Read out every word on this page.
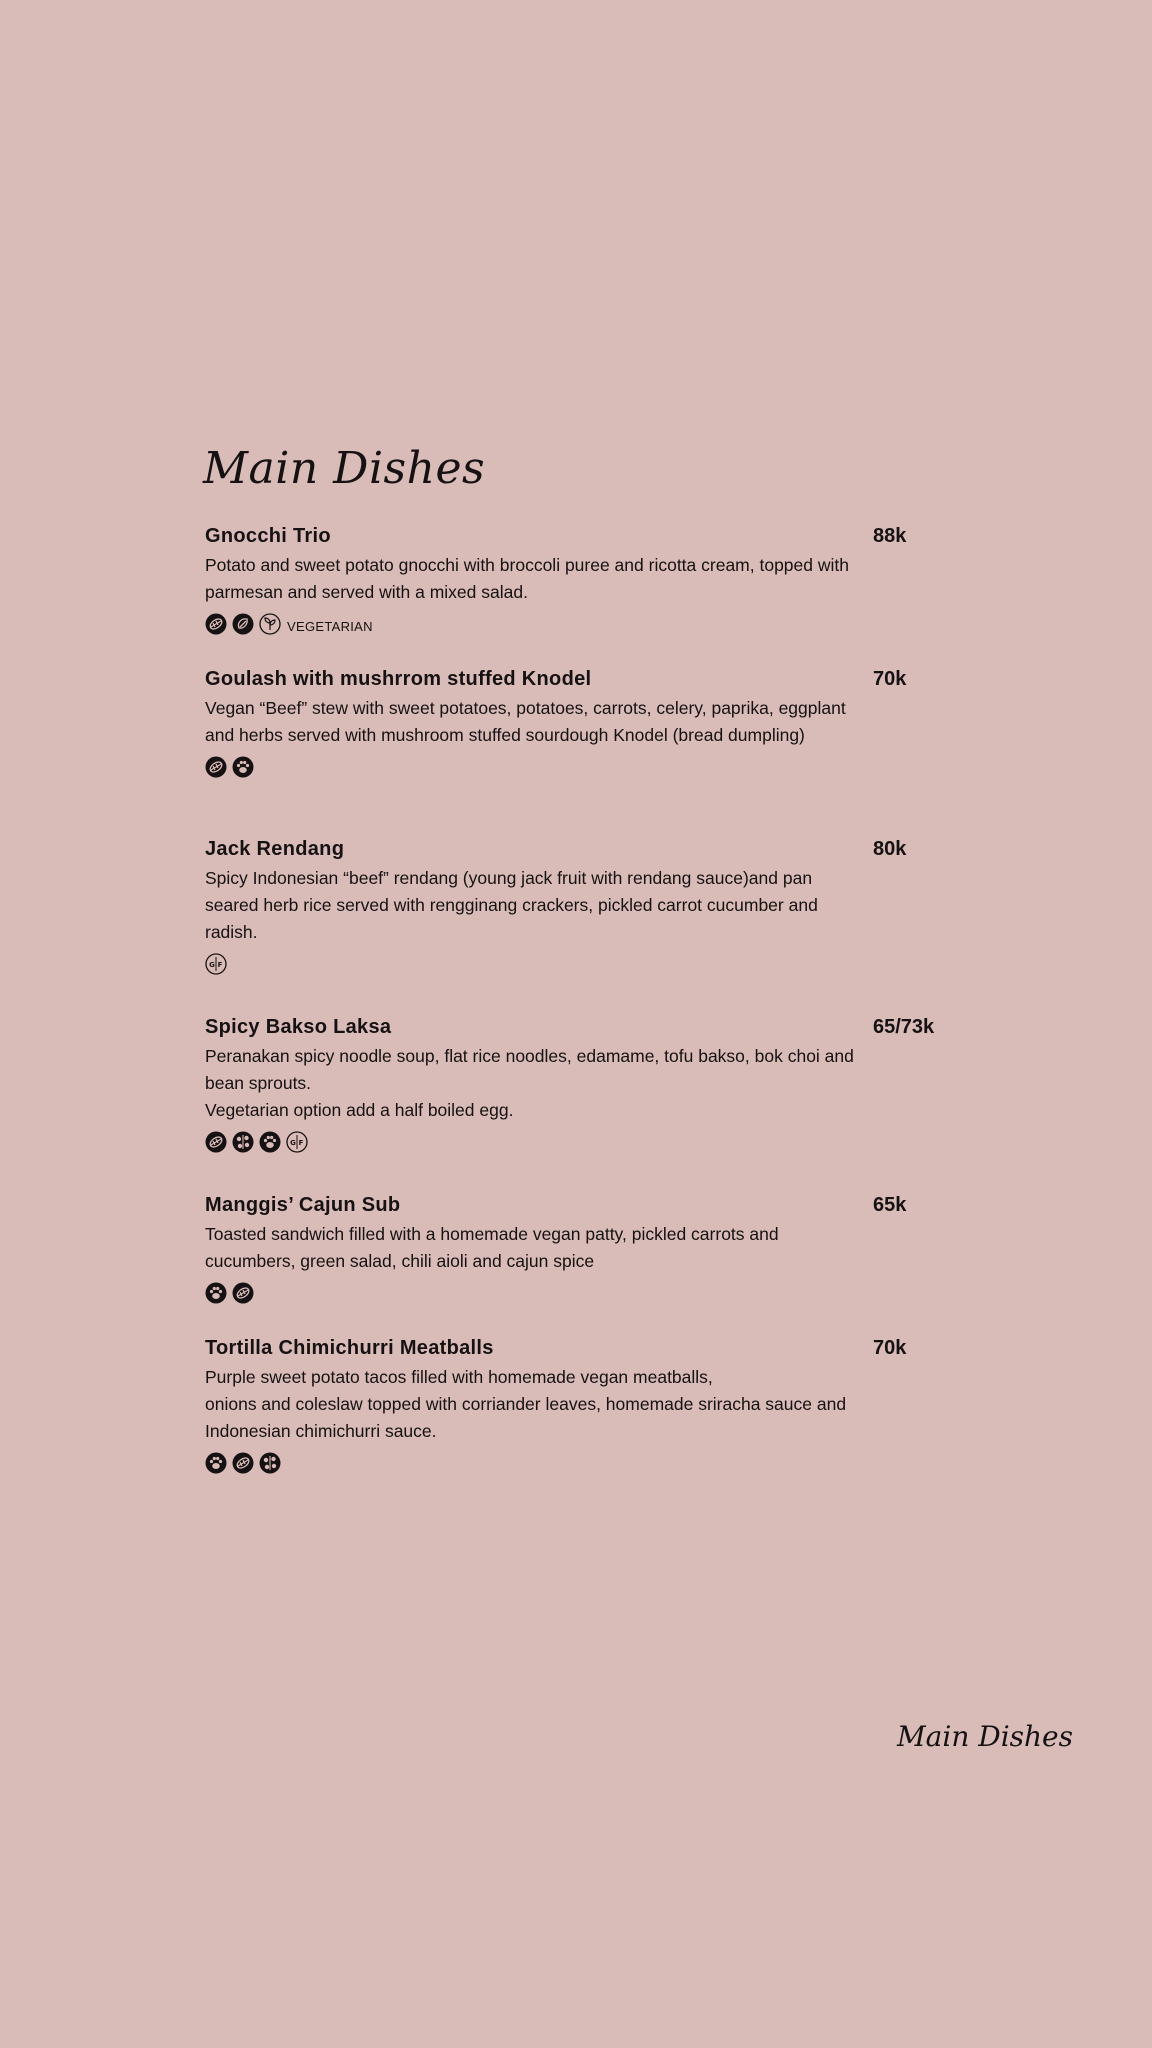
Main Dishes
Gnocchi Trio	88k
Potato and sweet potato gnocchi with broccoli puree and ricotta cream, topped with parmesan and served with a mixed salad.
VEGETARIAN
Goulash with mushrrom stuffed Knodel	70k
Vegan “Beef” stew with sweet potatoes, potatoes, carrots, celery, paprika, eggplant and herbs served with mushroom stuffed sourdough Knodel (bread dumpling)
Jack Rendang	80k
Spicy Indonesian “beef” rendang (young jack fruit with rendang sauce)and pan seared herb rice served with rengginang crackers, pickled carrot cucumber and radish.
G F
Spicy Bakso Laksa	65/73k
Peranakan spicy noodle soup, flat rice noodles, edamame, tofu bakso, bok choi and bean sprouts.
Vegetarian option add a half boiled egg.
G F
Manggis’ Cajun Sub	65k
Toasted sandwich filled with a homemade vegan patty, pickled carrots and cucumbers, green salad, chili aioli and cajun spice
Tortilla Chimichurri Meatballs	70k
Purple sweet potato tacos filled with homemade vegan meatballs,
onions and coleslaw topped with corriander leaves, homemade sriracha sauce and Indonesian chimichurri sauce.
Main Dishes
